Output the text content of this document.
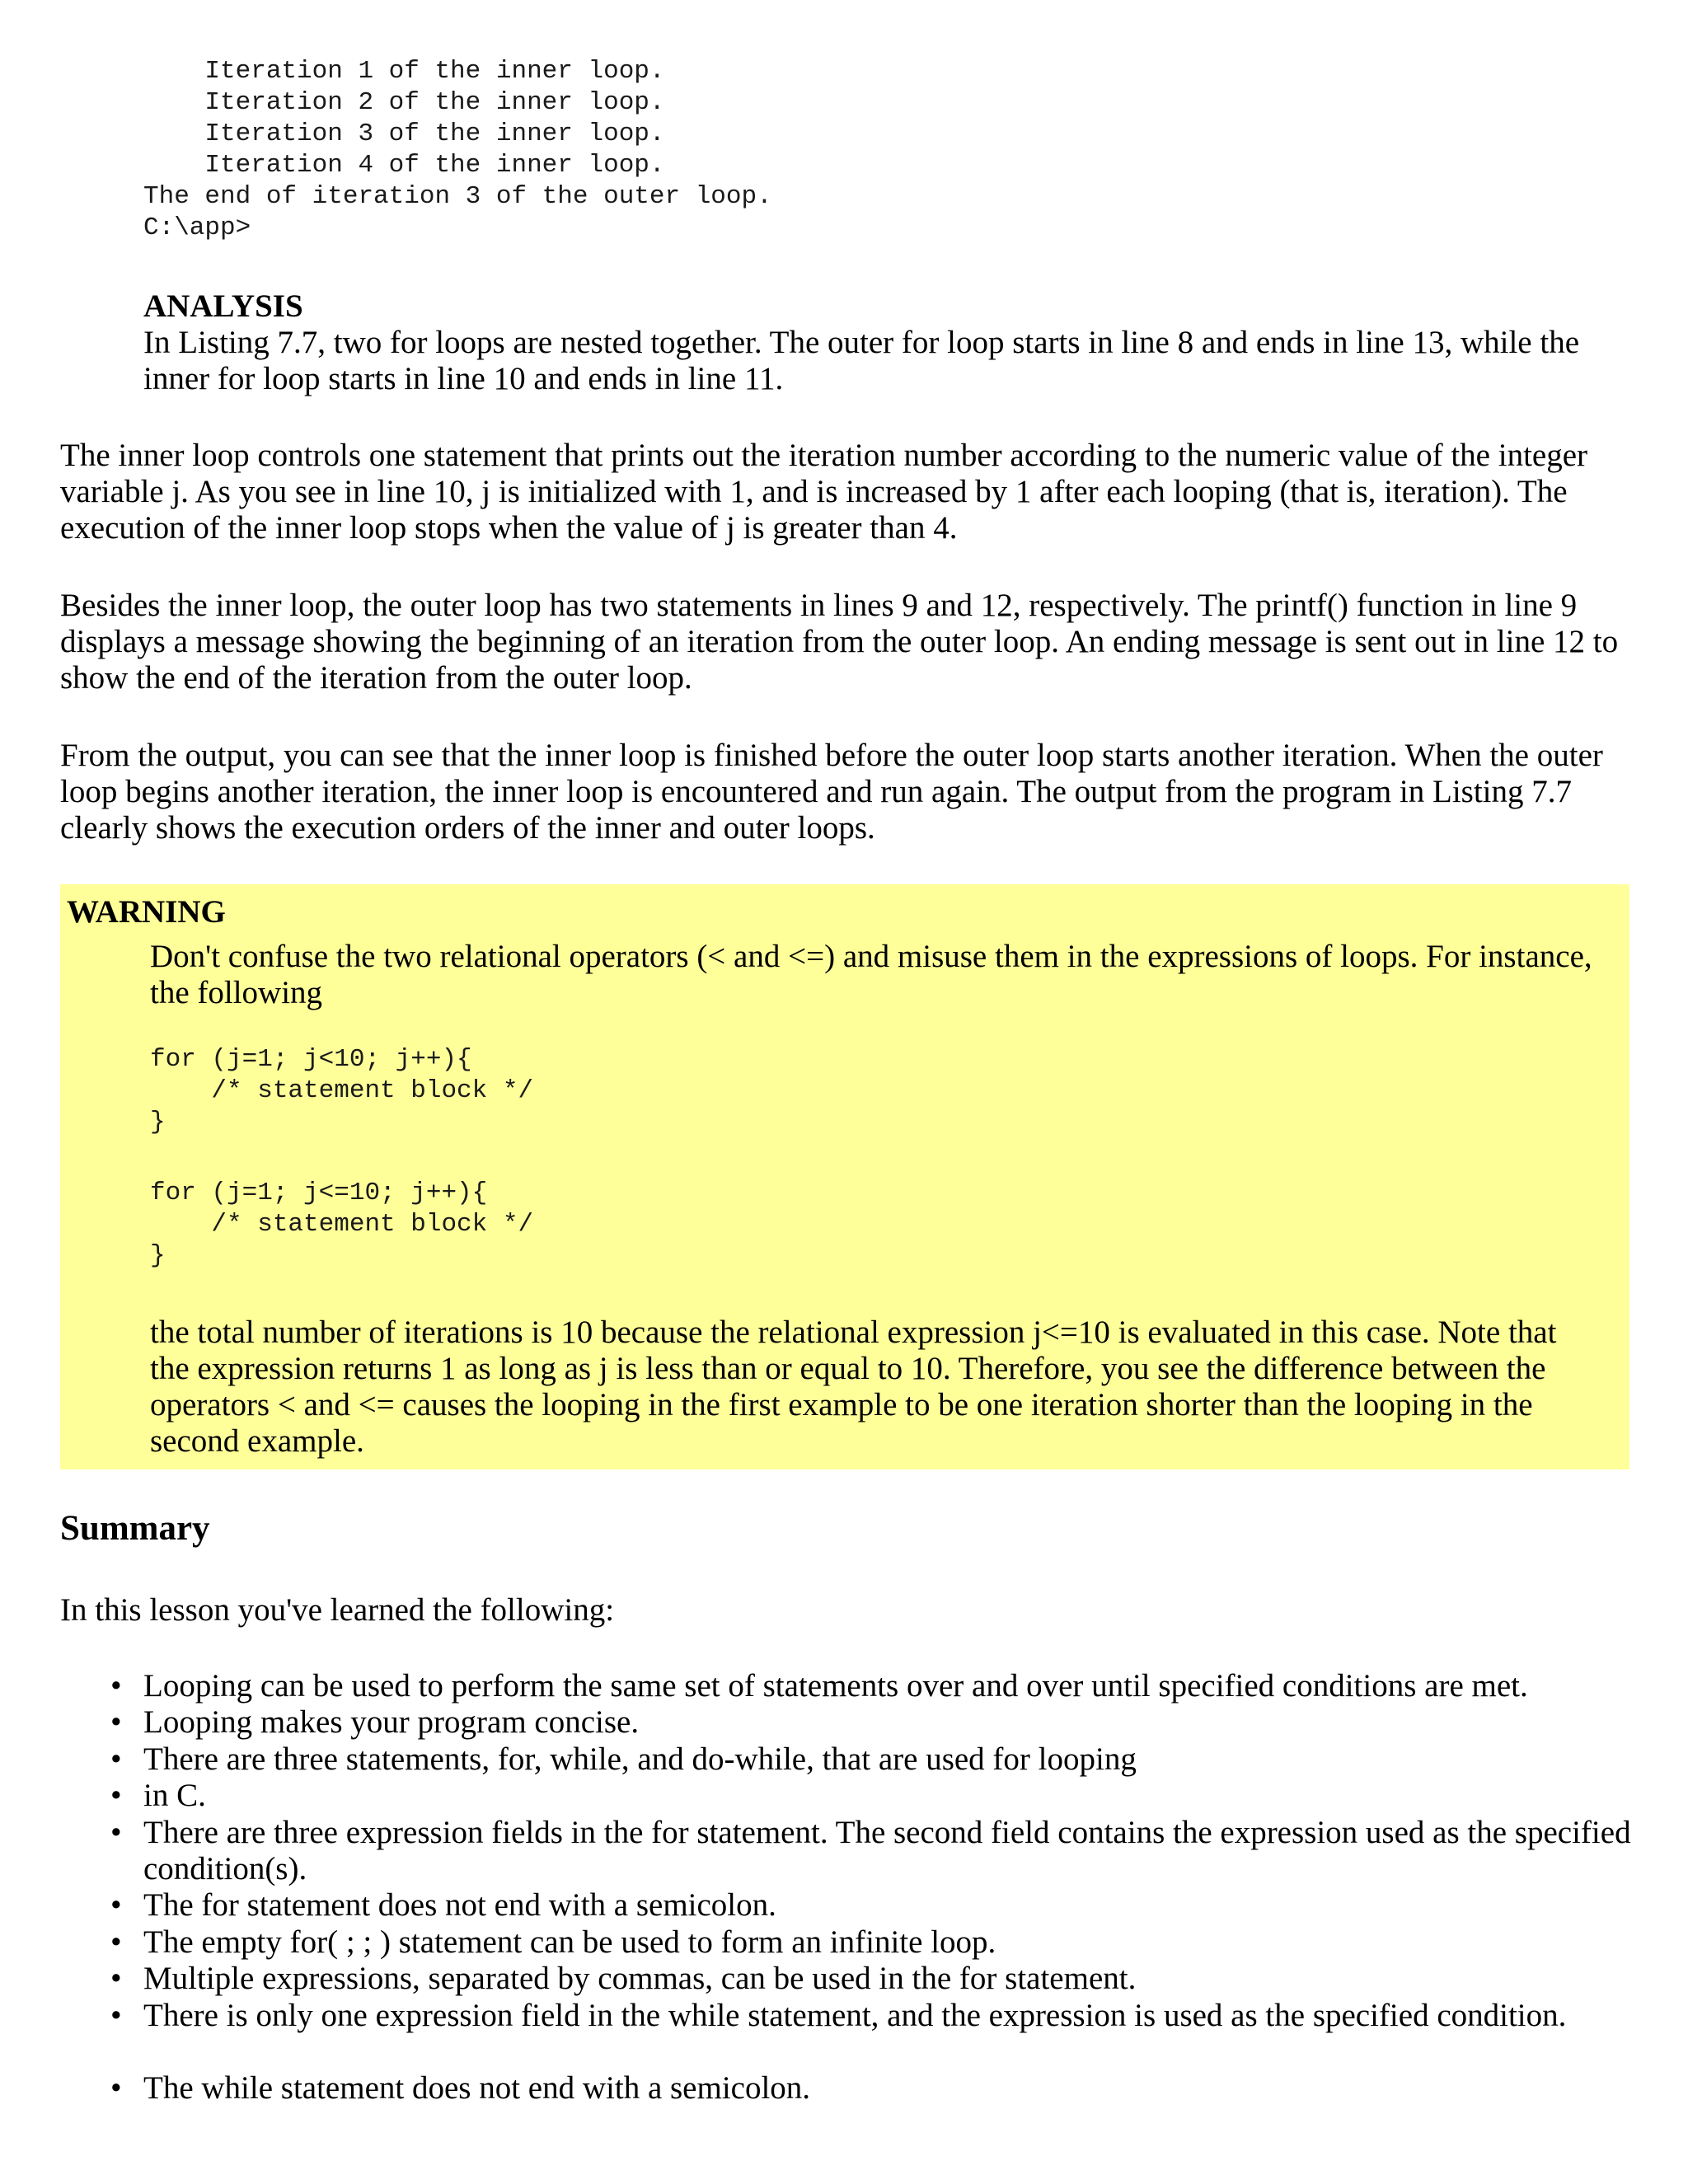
Iteration 1 of the inner loop.
Iteration 2 of the inner loop.
Iteration 3 of the inner loop.
Iteration 4 of the inner loop.
The end of iteration 3 of the outer loop.
C:\app>
ANALYSIS
In Listing 7.7, two for loops are nested together. The outer for loop starts in line 8 and ends in line 13, while the inner for loop starts in line 10 and ends in line 11.

The inner loop controls one statement that prints out the iteration number according to the numeric value of the integer variable j. As you see in line 10, j is initialized with 1, and is increased by 1 after each looping (that is, iteration). The execution of the inner loop stops when the value of j is greater than 4.

Besides the inner loop, the outer loop has two statements in lines 9 and 12, respectively. The printf() function in line 9 displays a message showing the beginning of an iteration from the outer loop. An ending message is sent out in line 12 to show the end of the iteration from the outer loop.

From the output, you can see that the inner loop is finished before the outer loop starts another iteration. When the outer loop begins another iteration, the inner loop is encountered and run again. The output from the program in Listing 7.7 clearly shows the execution orders of the inner and outer loops.

WARNING

Don't confuse the two relational operators (< and <=) and misuse them in the expressions of loops. For instance, the following

for (j=1; j<10; j++){
/* statement block */
}
for (j=1; j<=10; j++){
/* statement block */
}

the total number of iterations is 10 because the relational expression j<=10 is evaluated in this case. Note that the expression returns 1 as long as j is less than or equal to 10. Therefore, you see the difference between the operators < and <= causes the looping in the first example to be one iteration shorter than the looping in the second example.

Summary

In this lesson you've learned the following:

• Looping can be used to perform the same set of statements over and over until specified conditions are met.
• Looping makes your program concise.
• There are three statements, for, while, and do-while, that are used for looping
• in C.
• There are three expression fields in the for statement. The second field contains the expression used as the specified condition(s).
• The for statement does not end with a semicolon.
• The empty for( ; ; ) statement can be used to form an infinite loop.
• Multiple expressions, separated by commas, can be used in the for statement.
• There is only one expression field in the while statement, and the expression is used as the specified condition.
• The while statement does not end with a semicolon.
